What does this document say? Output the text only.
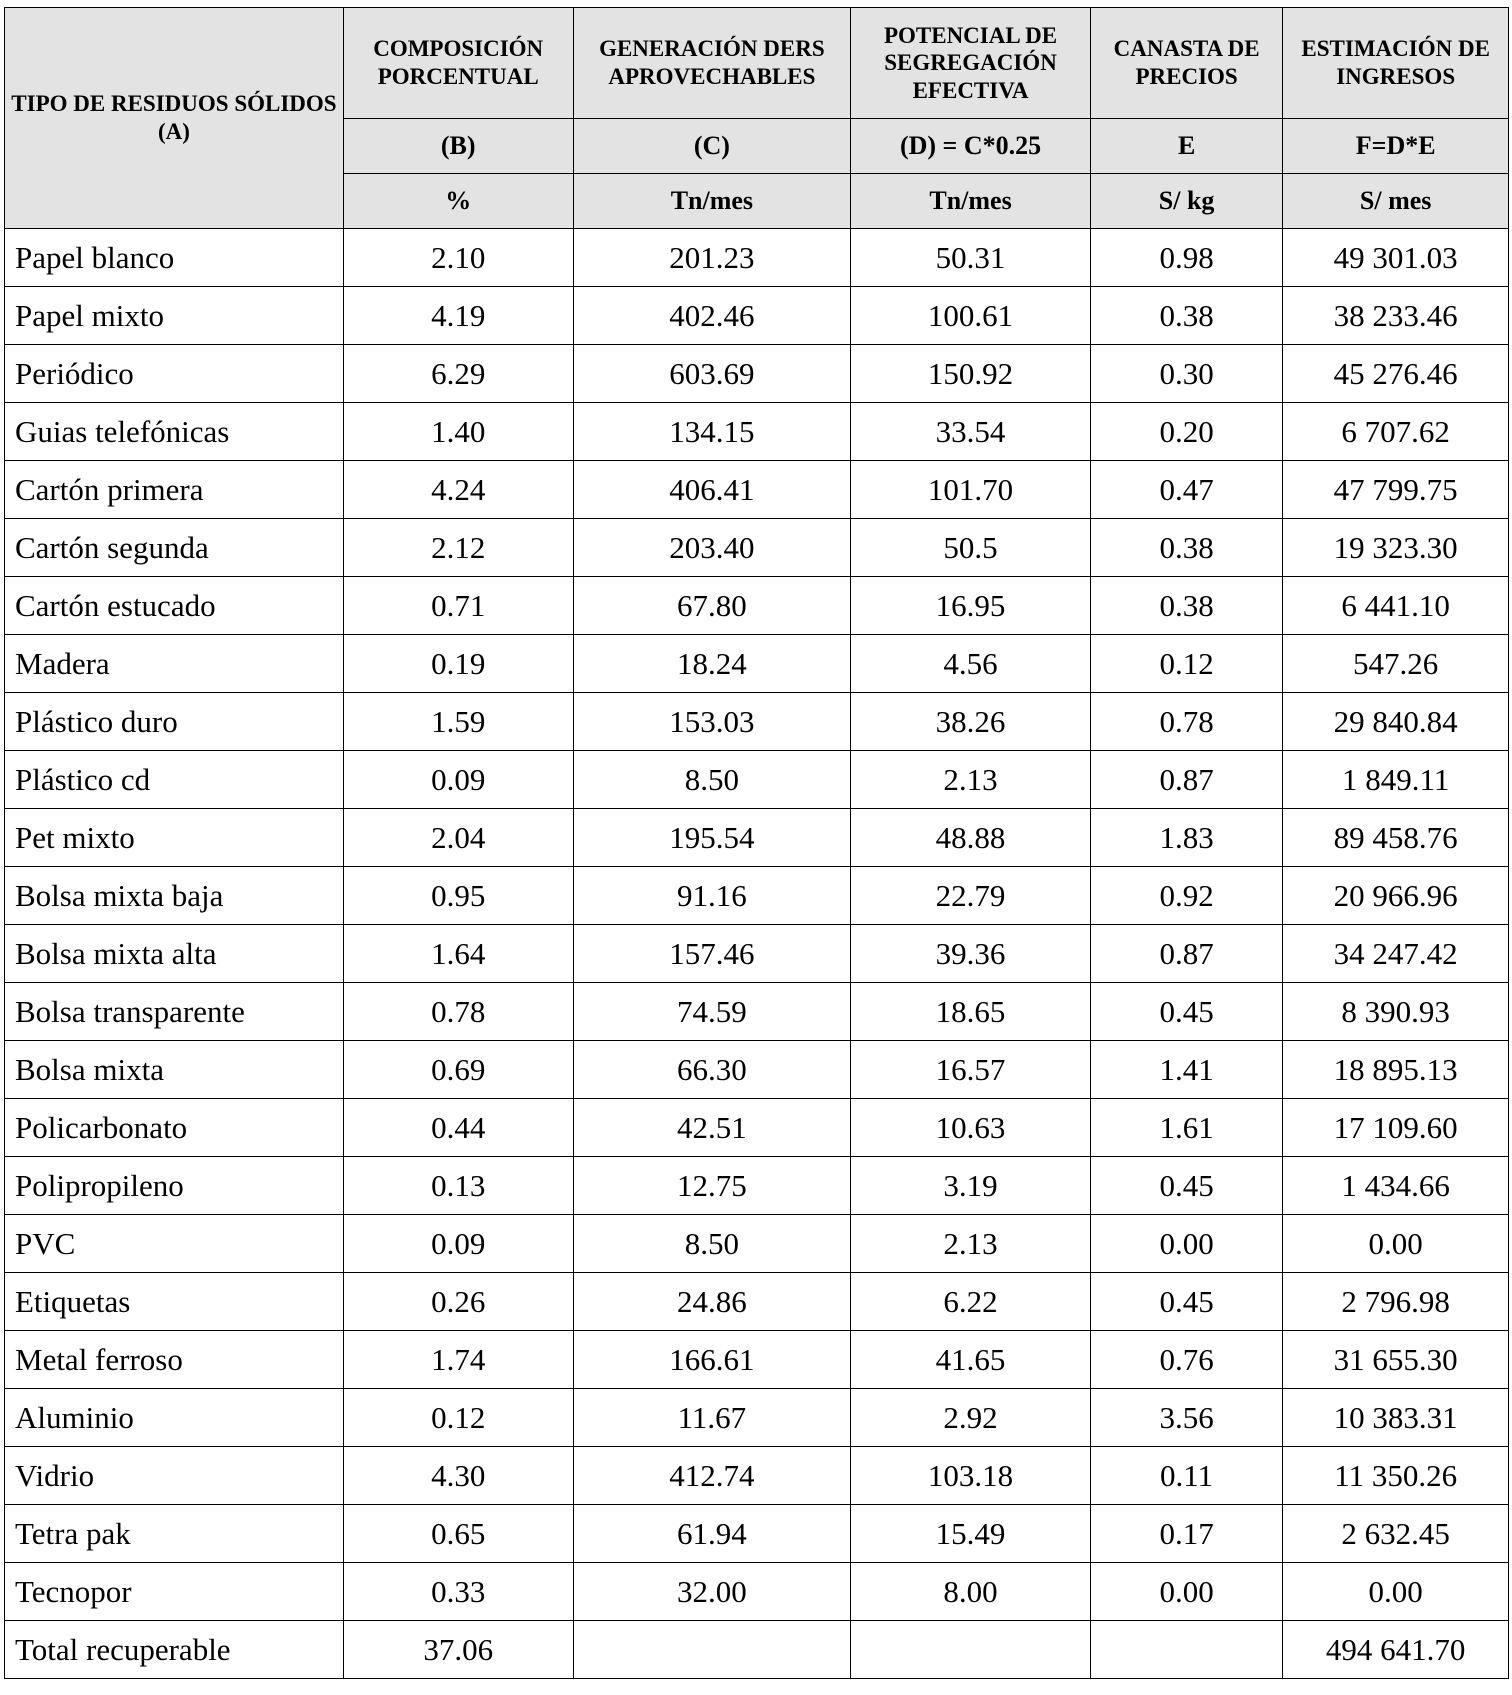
TIPO DE RESIDUOS SÓLIDOS (A)	COMPOSICIÓN PORCENTUAL	GENERACIÓN DERS APROVECHABLES	POTENCIAL DE SEGREGACIÓN EFECTIVA	CANASTA DE PRECIOS	ESTIMACIÓN DE INGRESOS
	(B)	(C)	(D) = C*0.25	E	F=D*E
	%	Tn/mes	Tn/mes	S/ kg	S/ mes
Papel blanco	2.10	201.23	50.31	0.98	49 301.03
Papel mixto	4.19	402.46	100.61	0.38	38 233.46
Periódico	6.29	603.69	150.92	0.30	45 276.46
Guias telefónicas	1.40	134.15	33.54	0.20	6 707.62
Cartón primera	4.24	406.41	101.70	0.47	47 799.75
Cartón segunda	2.12	203.40	50.5	0.38	19 323.30
Cartón estucado	0.71	67.80	16.95	0.38	6 441.10
Madera	0.19	18.24	4.56	0.12	547.26
Plástico duro	1.59	153.03	38.26	0.78	29 840.84
Plástico cd	0.09	8.50	2.13	0.87	1 849.11
Pet mixto	2.04	195.54	48.88	1.83	89 458.76
Bolsa mixta baja	0.95	91.16	22.79	0.92	20 966.96
Bolsa mixta alta	1.64	157.46	39.36	0.87	34 247.42
Bolsa transparente	0.78	74.59	18.65	0.45	8 390.93
Bolsa mixta	0.69	66.30	16.57	1.41	18 895.13
Policarbonato	0.44	42.51	10.63	1.61	17 109.60
Polipropileno	0.13	12.75	3.19	0.45	1 434.66
PVC	0.09	8.50	2.13	0.00	0.00
Etiquetas	0.26	24.86	6.22	0.45	2 796.98
Metal ferroso	1.74	166.61	41.65	0.76	31 655.30
Aluminio	0.12	11.67	2.92	3.56	10 383.31
Vidrio	4.30	412.74	103.18	0.11	11 350.26
Tetra pak	0.65	61.94	15.49	0.17	2 632.45
Tecnopor	0.33	32.00	8.00	0.00	0.00
Total recuperable	37.06				494 641.70
